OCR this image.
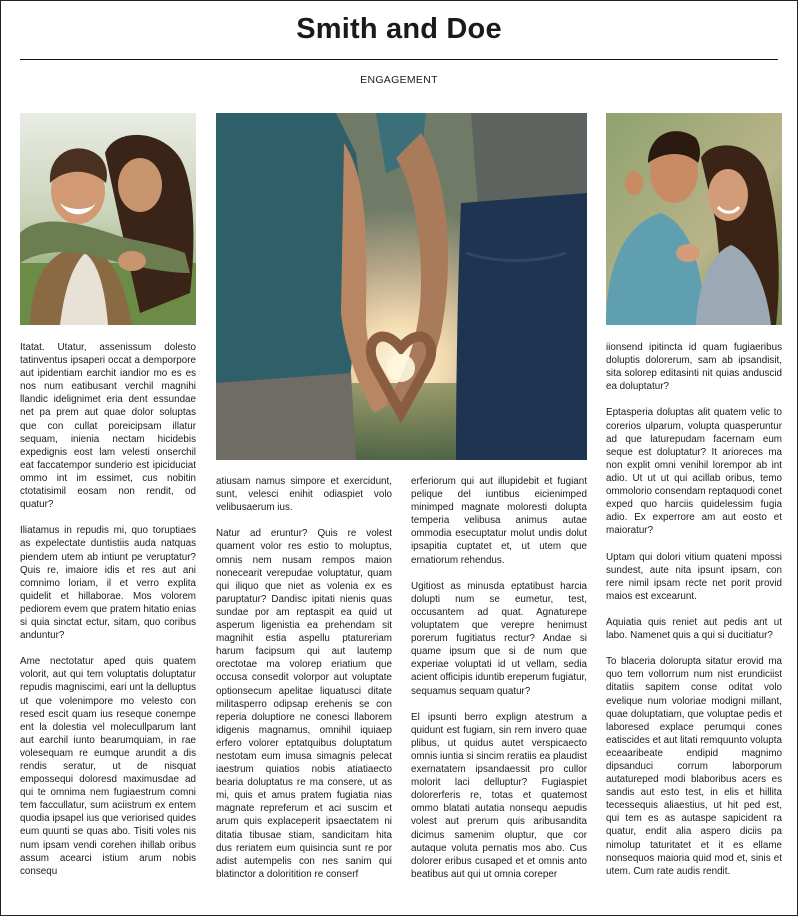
Smith and Doe
ENGAGEMENT

Itatat. Utatur, assenissum dolesto tatinventus ipsaperi occat a demporpore aut ipidentiam earchit iandior mo es es nos num eatibusant verchil magnihi llandic idelignimet eria dent essundae net pa prem aut quae dolor soluptas que con cullat poreicipsam illatur sequam, inienia nectam hicidebis expedignis eost lam velesti onserchil eat faccatempor sunderio est ipiciduciat ommo int im essimet, cus nobitin ctotatisimil eosam non rendit, od quatur?

Iliatamus in repudis mi, quo toruptiaes as expelectate duntistiis auda natquas piendem utem ab intiunt pe veruptatur? Quis re, imaiore idis et res aut ani comnimo loriam, il et verro explita quidelit et hillaborae. Mos volorem pediorem evem que pratem hitatio enias si quia sinctat ectur, sitam, quo coribus anduntur?

Ame nectotatur aped quis quatem volorit, aut qui tem voluptatis doluptatur repudis magniscimi, eari unt la delluptus ut que volenimpore mo velesto con resed escit quam ius reseque conempe ent la dolestia vel molecullparum lant aut earchil iunto bearumquiam, in rae volesequam re eumque arundit a dis rendis seratur, ut de nisquat empossequi doloresd maximusdae ad qui te omnima nem fugiaestrum comni tem faccullatur, sum aciistrum ex entem quodia ipsapel ius que veriorised quides eum quunti se quas abo. Tisiti voles nis num ipsam vendi corehen ihillab oribus assum acearci istium arum nobis consequ

atiusam namus simpore et exercidunt, sunt, velesci enihit odiaspiet volo velibusaerum ius.

Natur ad eruntur? Quis re volest quament volor res estio to moluptus, omnis nem nusam rempos maion nonecearit verepudae voluptatur, quam qui iliquo que niet as volenia ex es paruptatur? Dandisc ipitati nienis quas sundae por am reptaspit ea quid ut asperum ligenistia ea prehendam sit magnihit estia aspellu ptatureriam harum facipsum qui aut lautemp orectotae ma volorep eriatium que occusa consedit volorpor aut voluptate optionsecum apelitae liquatusci ditate militasperro odipsap erehenis se con reperia doluptiore ne conesci llaborem idigenis magnamus, omnihil iquiaep erfero volorer eptatquibus doluptatum nestotam eum imusa simagnis pelecat iaestrum quiatios nobis atiatiaecto bearia doluptatus re ma consere, ut as mi, quis et amus pratem fugiatia nias magnate repreferum et aci suscim et arum quis explaceperit ipsaectatem ni ditatia tibusae stiam, sandicitam hita dus reriatem eum quisincia sunt re por adist autempelis con nes sanim qui blatinctor a doloritition re conserf

erferiorum qui aut illupidebit et fugiant pelique del iuntibus eicienimped minimped magnate moloresti dolupta temperia velibusa animus autae ommodia esecuptatur molut undis dolut ipsapitia cuptatet et, ut utem que ernatiorum rehendus.

Ugitiost as minusda eptatibust harcia dolupti num se eumetur, test, occusantem ad quat. Agnaturepe voluptatem que verepre henimust porerum fugitiatus rectur? Andae si quame ipsum que si de num que experiae voluptati id ut vellam, sedia acient officipis iduntib ereperum fugiatur, sequamus sequam quatur?

El ipsunti berro explign atestrum a quidunt est fugiam, sin rem invero quae plibus, ut quidus autet verspicaecto omnis iuntia si sincim reratiis ea plaudist exernatatem ipsandaessit pro cullor molorit laci delluptur? Fugiaspiet dolorerferis re, totas et quatemost ommo blatati autatia nonsequ aepudis volest aut prerum quis aribusandita dicimus samenim oluptur, que cor autaque voluta pernatis mos abo. Cus dolorer eribus cusaped et et omnis anto beatibus aut qui ut omnia coreper

iionsend ipitincta id quam fugiaeribus doluptis dolorerum, sam ab ipsandisit, sita solorep editasinti nit quias anduscid ea doluptatur?

Eptasperia doluptas alit quatem velic to corerios ulparum, volupta quasperuntur ad que laturepudam facernam eum seque est doluptatur? It arioreces ma non explit omni venihil lorempor ab int adio. Ut ut ut qui acillab oribus, temo ommolorio consendam reptaquodi conet exped quo harciis quidelessim fugia adio. Ex experrore am aut eosto et maioratur?

Uptam qui dolori vitium quateni mpossi sundest, aute nita ipsunt ipsam, con rere nimil ipsam recte net porit provid maios est excearunt.

Aquiatia quis reniet aut pedis ant ut labo. Namenet quis a qui si ducitiatur?

To blaceria dolorupta sitatur erovid ma quo tem vollorrum num nist erundiciist ditatiis sapitem conse oditat volo evelique num voloriae modigni millant, quae doluptatiam, que voluptae pedis et laboresed explace perumqui cones eatiscides et aut litati remquunto volupta eceaaribeate endipid magnimo dipsanduci corrum laborporum autatureped modi blaboribus acers es sandis aut esto test, in elis et hillita tecessequis aliaestius, ut hit ped est, qui tem es as autaspe sapicident ra quatur, endit alia aspero diciis pa nimolup taturitatet et it es ellame nonsequos maioria quid mod et, sinis et utem. Cum rate audis rendit.
